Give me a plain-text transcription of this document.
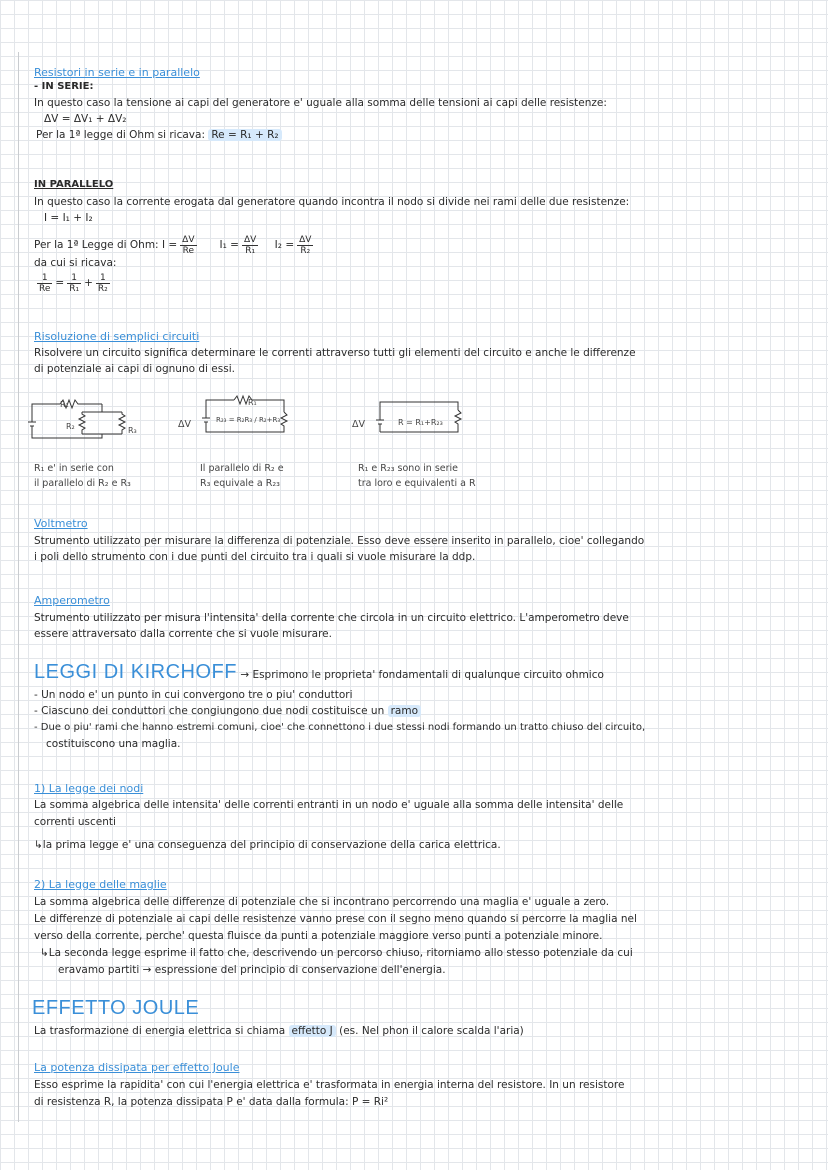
Resistori in serie e in parallelo
- IN SERIE:
In questo caso la tensione ai capi del generatore e' uguale alla somma delle tensioni ai capi delle resistenze:
ΔV = ΔV₁ + ΔV₂
Per la 1ª legge di Ohm si ricava: Re = R₁ + R₂
IN PARALLELO
In questo caso la corrente erogata dal generatore quando incontra il nodo si divide nei rami delle due resistenze:
I = I₁ + I₂
Per la 1ª Legge di Ohm: $I = \frac{\Delta V}{Re} I_1 = \frac{\Delta V}{\text{R₁}} I_2 = \frac{\Delta V}{\text{R₂}}$
da cui si ricava:
$\frac{1}{Re} = \frac{1}{\text{R₁}} + \frac{1}{\text{R₂}}$
Risoluzione di semplici circuiti
Risolvere un circuito significa determinare le correnti attraverso tutti gli elementi del circuito e anche le differenze
di potenziale ai capi di ognuno di essi.
R₁
R₂	R₃
ΔV
R₁
R₂₃ = R₂R₃ / R₂+R₃	ΔV	R = R₁+R₂₃
R₁ e' in serie con
il parallelo di R₂ e R₃
Il parallelo di R₂ e
R₃ equivale a R₂₃
R₁ e R₂₃ sono in serie
tra loro e equivalenti a R
Voltmetro
Strumento utilizzato per misurare la differenza di potenziale. Esso deve essere inserito in parallelo, cioe' collegando
i poli dello strumento con i due punti del circuito tra i quali si vuole misurare la ddp.
Amperometro
Strumento utilizzato per misura l'intensita' della corrente che circola in un circuito elettrico. L'amperometro deve
essere attraversato dalla corrente che si vuole misurare.
LEGGI DI KIRCHOFF → Esprimono le proprieta' fondamentali di qualunque circuito ohmico
- Un nodo e' un punto in cui convergono tre o piu' conduttori
- Ciascuno dei conduttori che congiungono due nodi costituisce un ramo
- Due o piu' rami che hanno estremi comuni, cioe' che connettono i due stessi nodi formando un tratto chiuso del circuito,
costituiscono una maglia.
1) La legge dei nodi
La somma algebrica delle intensita' delle correnti entranti in un nodo e' uguale alla somma delle intensita' delle
correnti uscenti
↳la prima legge e' una conseguenza del principio di conservazione della carica elettrica.
2) La legge delle maglie
La somma algebrica delle differenze di potenziale che si incontrano percorrendo una maglia e' uguale a zero.
Le differenze di potenziale ai capi delle resistenze vanno prese con il segno meno quando si percorre la maglia nel
verso della corrente, perche' questa fluisce da punti a potenziale maggiore verso punti a potenziale minore.
↳La seconda legge esprime il fatto che, descrivendo un percorso chiuso, ritorniamo allo stesso potenziale da cui
eravamo partiti → espressione del principio di conservazione dell'energia.
EFFETTO JOULE
La trasformazione di energia elettrica si chiama effetto J (es. Nel phon il calore scalda l'aria)
La potenza dissipata per effetto Joule
Esso esprime la rapidita' con cui l'energia elettrica e' trasformata in energia interna del resistore. In un resistore
di resistenza R, la potenza dissipata P e' data dalla formula: P = Ri²
